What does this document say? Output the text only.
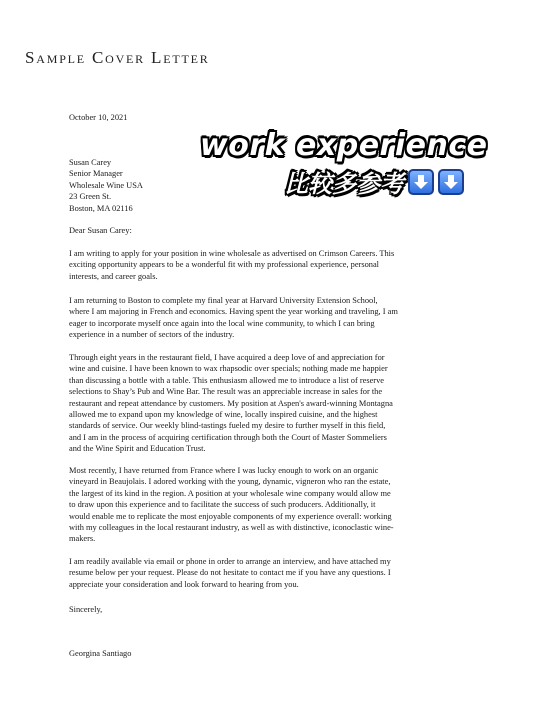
Sample Cover Letter
October 10, 2021
Susan Carey
Senior Manager
Wholesale Wine USA
23 Green St.
Boston, MA 02116
Dear Susan Carey:
I am writing to apply for your position in wine wholesale as advertised on Crimson Careers. This
exciting opportunity appears to be a wonderful fit with my professional experience, personal
interests, and career goals.
I am returning to Boston to complete my final year at Harvard University Extension School,
where I am majoring in French and economics. Having spent the year working and traveling, I am
eager to incorporate myself once again into the local wine community, to which I can bring
experience in a number of sectors of the industry.
Through eight years in the restaurant field, I have acquired a deep love of and appreciation for
wine and cuisine. I have been known to wax rhapsodic over specials; nothing made me happier
than discussing a bottle with a table. This enthusiasm allowed me to introduce a list of reserve
selections to Shay’s Pub and Wine Bar. The result was an appreciable increase in sales for the
restaurant and repeat attendance by customers. My position at Aspen's award-winning Montagna
allowed me to expand upon my knowledge of wine, locally inspired cuisine, and the highest
standards of service. Our weekly blind-tastings fueled my desire to further myself in this field,
and I am in the process of acquiring certification through both the Court of Master Sommeliers
and the Wine Spirit and Education Trust.
Most recently, I have returned from France where I was lucky enough to work on an organic
vineyard in Beaujolais. I adored working with the young, dynamic, vigneron who ran the estate,
the largest of its kind in the region. A position at your wholesale wine company would allow me
to draw upon this experience and to facilitate the success of such producers. Additionally, it
would enable me to replicate the most enjoyable components of my experience overall: working
with my colleagues in the local restaurant industry, as well as with distinctive, iconoclastic wine-
makers.
I am readily available via email or phone in order to arrange an interview, and have attached my
resume below per your request. Please do not hesitate to contact me if you have any questions. I
appreciate your consideration and look forward to hearing from you.
Sincerely,
Georgina Santiago
work experience
比较多参考
